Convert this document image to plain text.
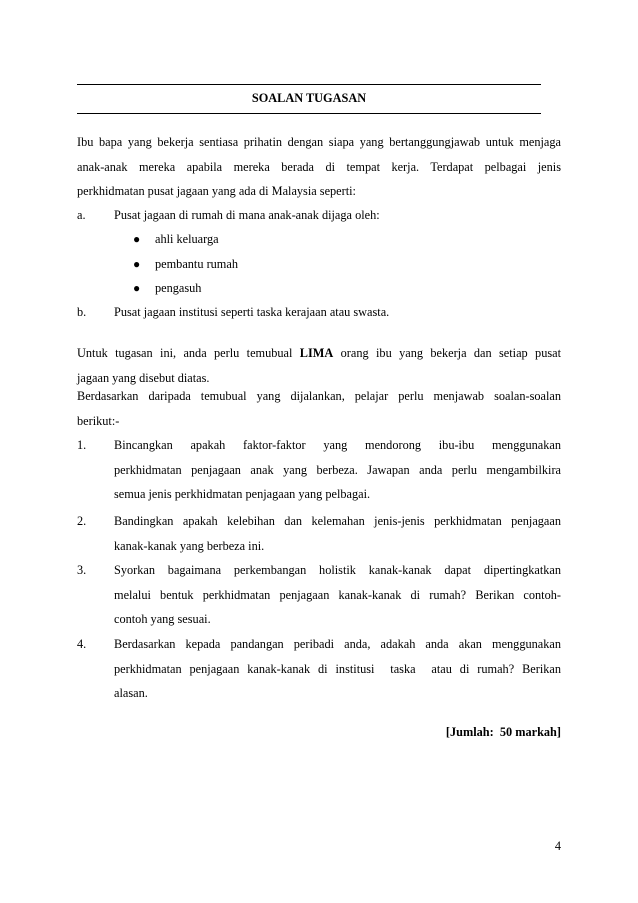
SOALAN TUGASAN
Ibu bapa yang bekerja sentiasa prihatin dengan siapa yang bertanggungjawab untuk menjaga
anak-anak mereka apabila mereka berada di tempat kerja. Terdapat pelbagai jenis
perkhidmatan pusat jagaan yang ada di Malaysia seperti:
a. Pusat jagaan di rumah di mana anak-anak dijaga oleh:
● ahli keluarga
● pembantu rumah
● pengasuh
b. Pusat jagaan institusi seperti taska kerajaan atau swasta.
Untuk tugasan ini, anda perlu temubual LIMA orang ibu yang bekerja dan setiap pusat
jagaan yang disebut diatas.
Berdasarkan daripada temubual yang dijalankan, pelajar perlu menjawab soalan-soalan
berikut:-
1. Bincangkan apakah faktor-faktor yang mendorong ibu-ibu menggunakan
perkhidmatan penjagaan anak yang berbeza. Jawapan anda perlu mengambilkira
semua jenis perkhidmatan penjagaan yang pelbagai.
2. Bandingkan apakah kelebihan dan kelemahan jenis-jenis perkhidmatan penjagaan
kanak-kanak yang berbeza ini.
3. Syorkan bagaimana perkembangan holistik kanak-kanak dapat dipertingkatkan
melalui bentuk perkhidmatan penjagaan kanak-kanak di rumah? Berikan contoh-
contoh yang sesuai.
4. Berdasarkan kepada pandangan peribadi anda, adakah anda akan menggunakan
perkhidmatan penjagaan kanak-kanak di institusi  taska  atau di rumah? Berikan
alasan.
[Jumlah:  50 markah]
4
